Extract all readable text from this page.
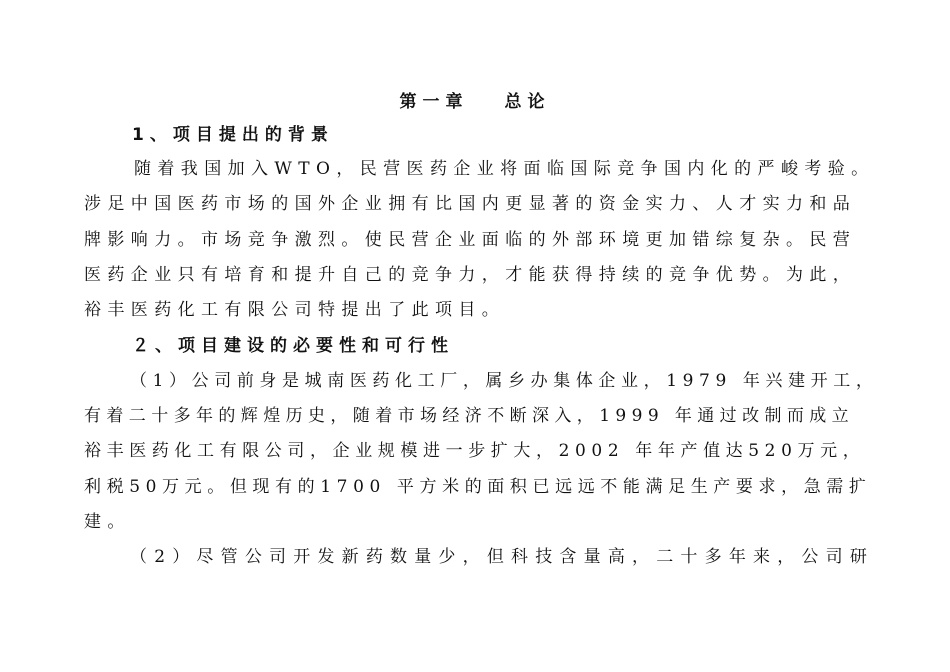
第一章 总论
1、项目提出的背景
随着我国加入WTO，民营医药企业将面临国际竞争国内化的严峻考验。
涉足中国医药市场的国外企业拥有比国内更显著的资金实力、人才实力和品
牌影响力。市场竞争激烈。使民营企业面临的外部环境更加错综复杂。民营
医药企业只有培育和提升自己的竞争力，才能获得持续的竞争优势。为此，
裕丰医药化工有限公司特提出了此项目。
２、项目建设的必要性和可行性
（1）公司前身是城南医药化工厂，属乡办集体企业，1979 年兴建开工，
有着二十多年的辉煌历史，随着市场经济不断深入，1999 年通过改制而成立
裕丰医药化工有限公司，企业规模进一步扩大，2002 年年产值达520万元，
利税50万元。但现有的1700 平方米的面积已远远不能满足生产要求，急需扩
建。
（2）尽管公司开发新药数量少，但科技含量高，二十多年来，公司研
